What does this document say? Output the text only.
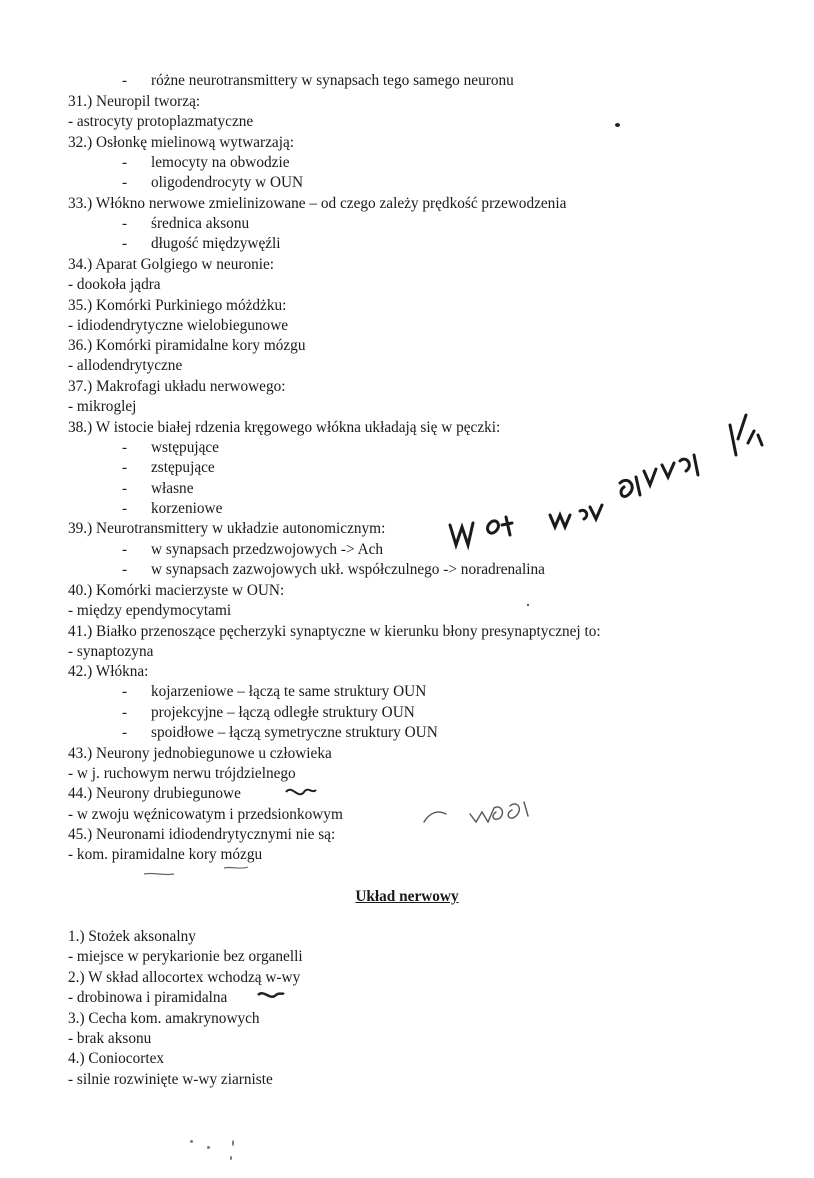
- różne neurotransmittery w synapsach tego samego neuronu
31.) Neuropil tworzą:
- astrocyty protoplazmatyczne
32.) Osłonkę mielinową wytwarzają:
- lemocyty na obwodzie
- oligodendrocyty w OUN
33.) Włókno nerwowe zmielinizowane – od czego zależy prędkość przewodzenia
- średnica aksonu
- długość międzywęźli
34.) Aparat Golgiego w neuronie:
- dookoła jądra
35.) Komórki Purkiniego móżdżku:
- idiodendrytyczne wielobiegunowe
36.) Komórki piramidalne kory mózgu
- allodendrytyczne
37.) Makrofagi układu nerwowego:
- mikroglej
38.) W istocie białej rdzenia kręgowego włókna układają się w pęczki:
- wstępujące
- zstępujące
- własne
- korzeniowe
39.) Neurotransmittery w układzie autonomicznym:
- w synapsach przedzwojowych -> Ach
- w synapsach zazwojowych ukł. współczulnego -> noradrenalina
40.) Komórki macierzyste w OUN:
- między ependymocytami
41.) Białko przenoszące pęcherzyki synaptyczne w kierunku błony presynaptycznej to:
- synaptozyna
42.) Włókna:
- kojarzeniowe – łączą te same struktury OUN
- projekcyjne – łączą odległe struktury OUN
- spoidłowe – łączą symetryczne struktury OUN
43.) Neurony jednobiegunowe u człowieka
- w j. ruchowym nerwu trójdzielnego
44.) Neurony drubiegunowe
- w zwoju węźnicowatym i przedsionkowym
45.) Neuronami idiodendrytycznymi nie są:
- kom. piramidalne kory mózgu
Układ nerwowy
1.) Stożek aksonalny
- miejsce w perykarionie bez organelli
2.) W skład allocortex wchodzą w-wy
- drobinowa i piramidalna
3.) Cecha kom. amakrynowych
- brak aksonu
4.) Coniocortex
- silnie rozwinięte w-wy ziarniste
